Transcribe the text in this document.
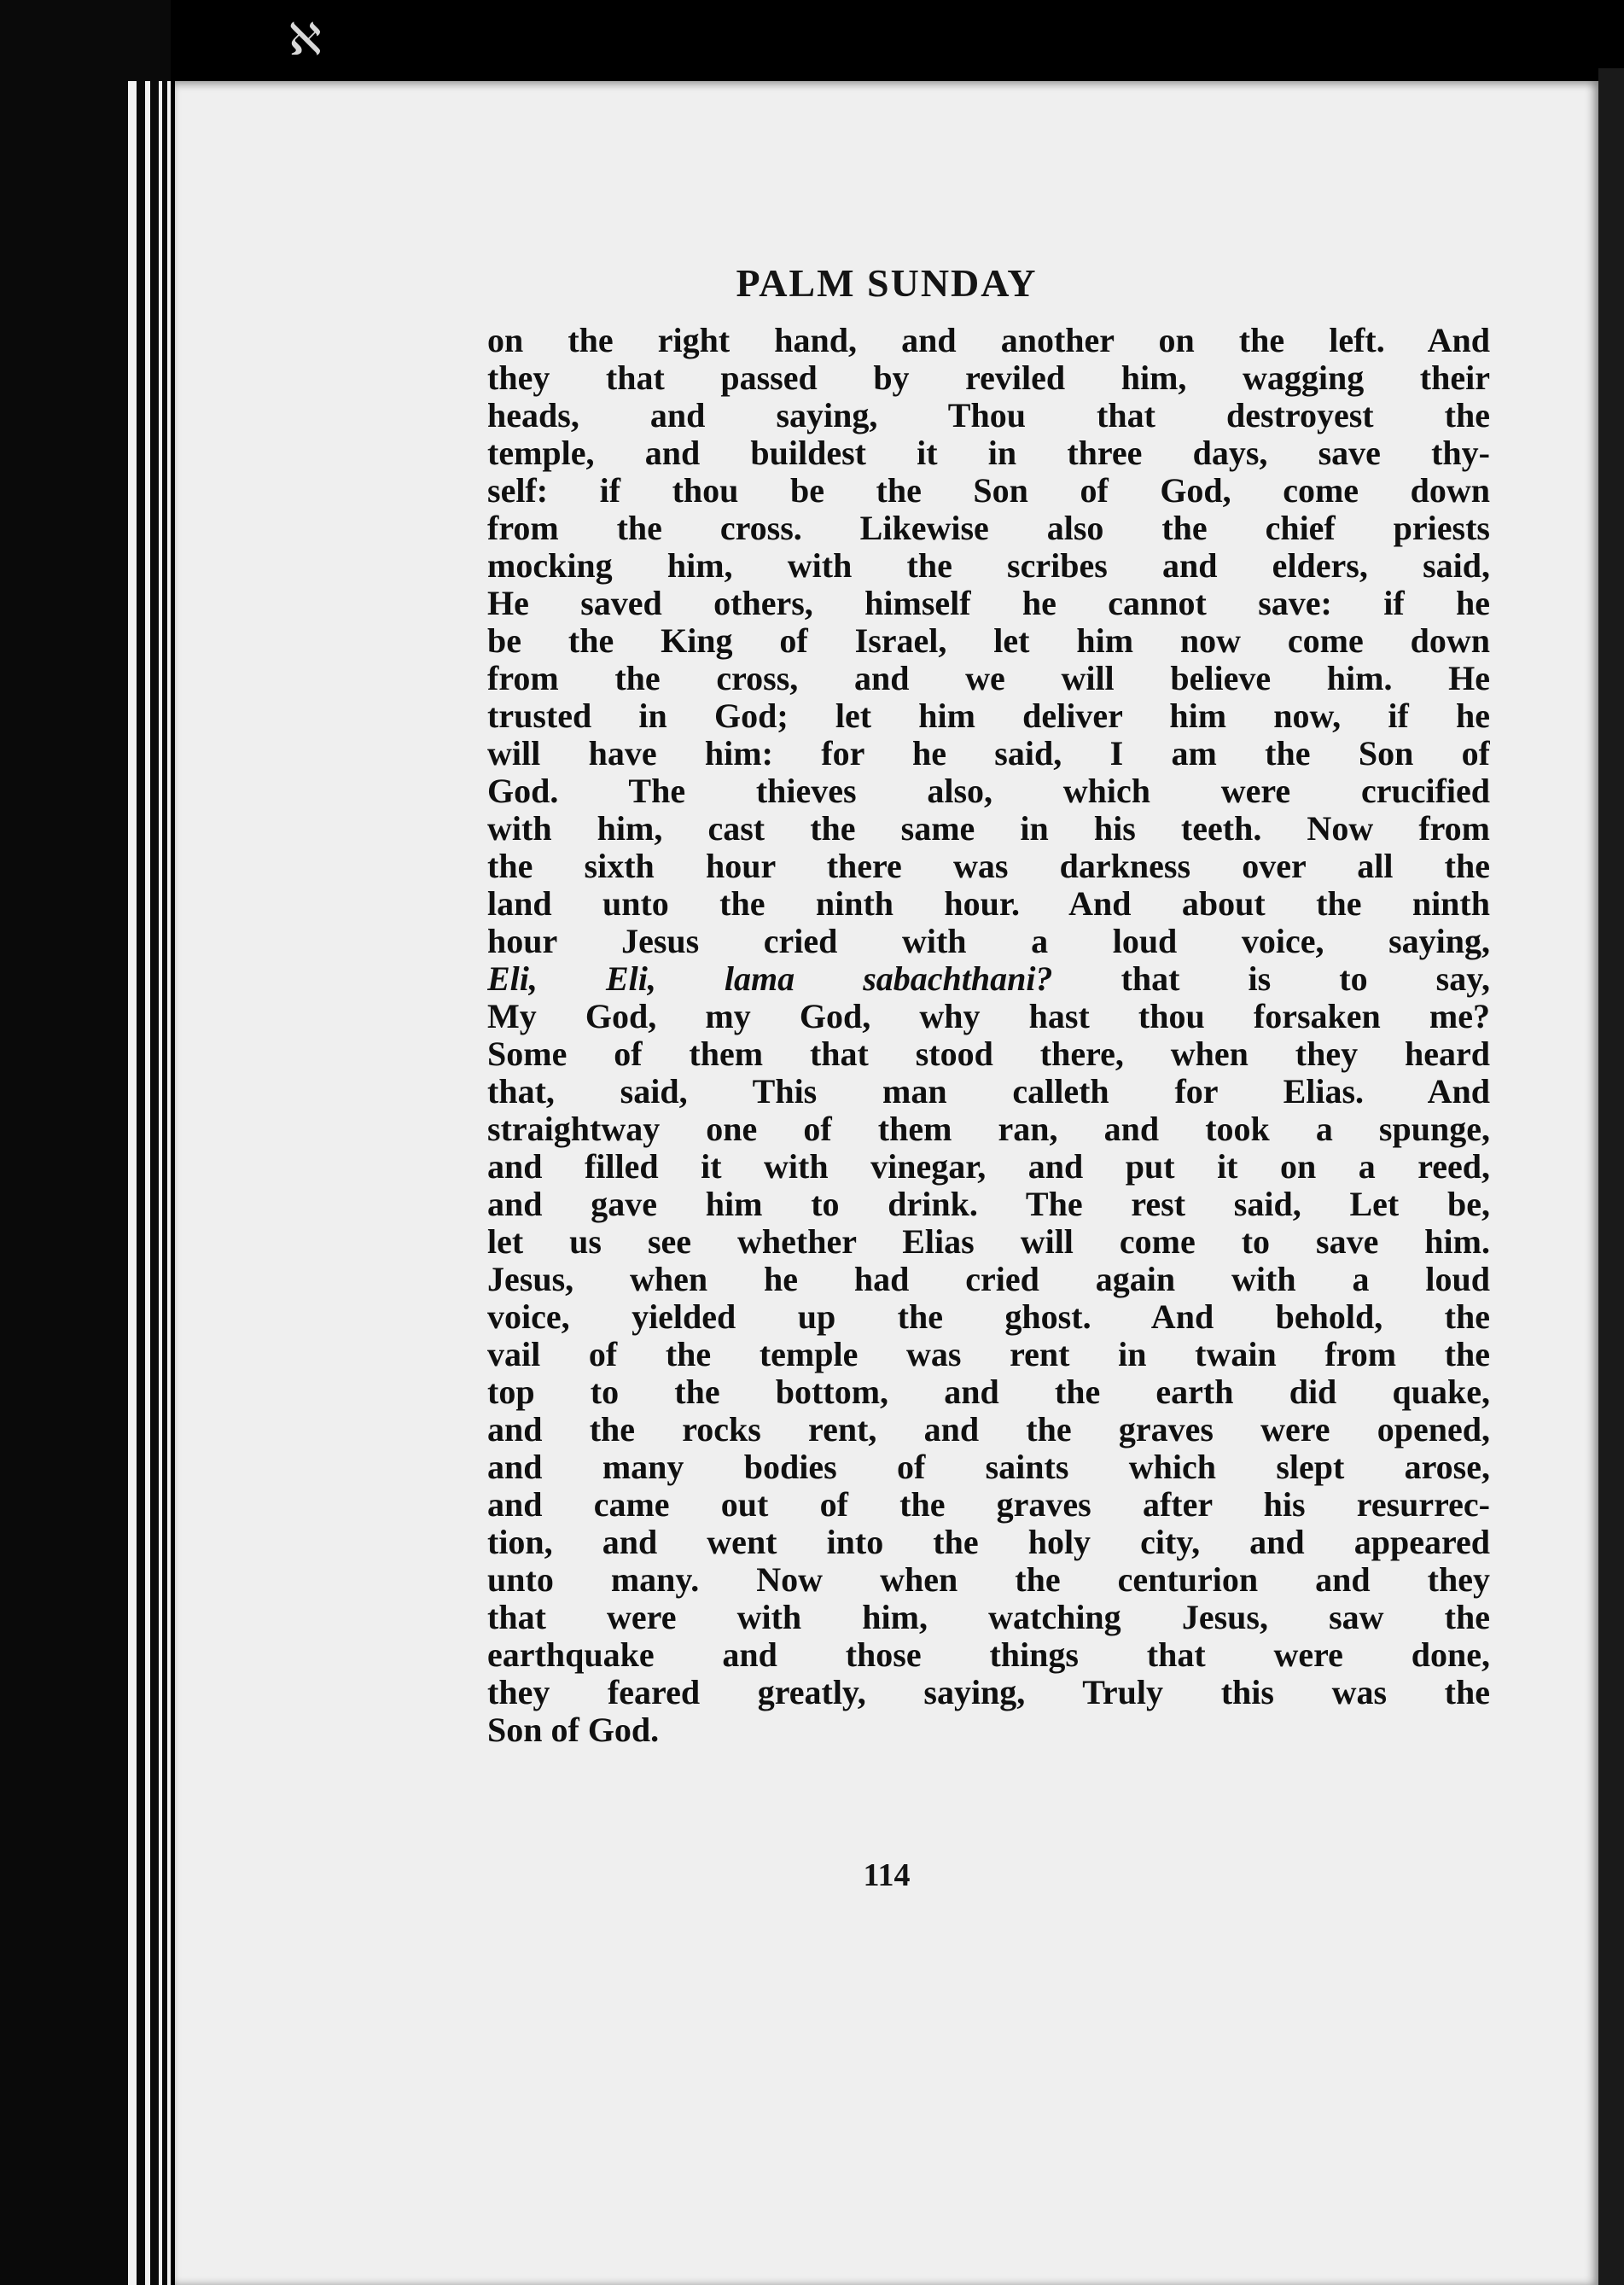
ℵ
PALM SUNDAY
on the right hand, and another on the left. And
they that passed by reviled him, wagging their
heads, and saying, Thou that destroyest the
temple, and buildest it in three days, save thy-
self: if thou be the Son of God, come down
from the cross. Likewise also the chief priests
mocking him, with the scribes and elders, said,
He saved others, himself he cannot save: if he
be the King of Israel, let him now come down
from the cross, and we will believe him. He
trusted in God; let him deliver him now, if he
will have him: for he said, I am the Son of
God. The thieves also, which were crucified
with him, cast the same in his teeth. Now from
the sixth hour there was darkness over all the
land unto the ninth hour. And about the ninth
hour Jesus cried with a loud voice, saying,
Eli, Eli, lama sabachthani? that is to say,
My God, my God, why hast thou forsaken me?
Some of them that stood there, when they heard
that, said, This man calleth for Elias. And
straightway one of them ran, and took a spunge,
and filled it with vinegar, and put it on a reed,
and gave him to drink. The rest said, Let be,
let us see whether Elias will come to save him.
Jesus, when he had cried again with a loud
voice, yielded up the ghost. And behold, the
vail of the temple was rent in twain from the
top to the bottom, and the earth did quake,
and the rocks rent, and the graves were opened,
and many bodies of saints which slept arose,
and came out of the graves after his resurrec-
tion, and went into the holy city, and appeared
unto many. Now when the centurion and they
that were with him, watching Jesus, saw the
earthquake and those things that were done,
they feared greatly, saying, Truly this was the
Son of God.

114
